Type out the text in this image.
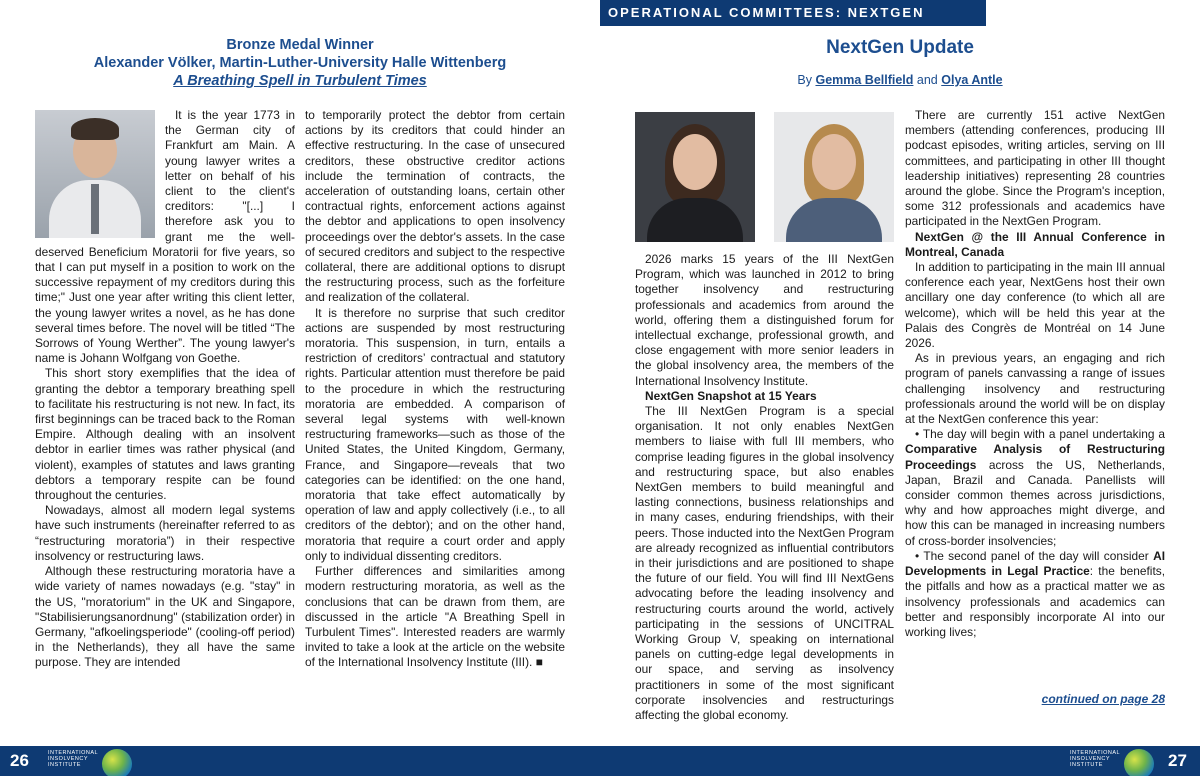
Bronze Medal Winner
Alexander Völker, Martin-Luther-University Halle Wittenberg
A Breathing Spell in Turbulent Times

It is the year 1773 in the German city of Frankfurt am Main. A young lawyer writes a letter on behalf of his client to the client's creditors: "[...] I therefore ask you to grant me the well-deserved Beneficium Moratorii for five years, so that I can put myself in a position to work on the successive repayment of my creditors during this time;" Just one year after writing this client letter, the young lawyer writes a novel, as he has done several times before. The novel will be titled “The Sorrows of Young Werther”. The young lawyer's name is Johann Wolfgang von Goethe.

This short story exemplifies that the idea of granting the debtor a temporary breathing spell to facilitate his restructuring is not new. In fact, its first beginnings can be traced back to the Roman Empire. Although dealing with an insolvent debtor in earlier times was rather physical (and violent), examples of statutes and laws granting debtors a temporary respite can be found throughout the centuries.

Nowadays, almost all modern legal systems have such instruments (hereinafter referred to as “restructuring moratoria”) in their respective insolvency or restructuring laws.

Although these restructuring moratoria have a wide variety of names nowadays (e.g. "stay" in the US, "moratorium" in the UK and Singapore, "Stabilisierungsanordnung" (stabilization order) in Germany, "afkoelingsperiode" (cooling-off period) in the Netherlands), they all have the same purpose. They are intended

to temporarily protect the debtor from certain actions by its creditors that could hinder an effective restructuring. In the case of unsecured creditors, these obstructive creditor actions include the termination of contracts, the acceleration of outstanding loans, certain other contractual rights, enforcement actions against the debtor and applications to open insolvency proceedings over the debtor's assets. In the case of secured creditors and subject to the respective collateral, there are additional options to disrupt the restructuring process, such as the forfeiture and realization of the collateral.

It is therefore no surprise that such creditor actions are suspended by most restructuring moratoria. This suspension, in turn, entails a restriction of creditors’ contractual and statutory rights. Particular attention must therefore be paid to the procedure in which the restructuring moratoria are embedded. A comparison of several legal systems with well-known restructuring frameworks—such as those of the United States, the United Kingdom, Germany, France, and Singapore—reveals that two categories can be identified: on the one hand, moratoria that take effect automatically by operation of law and apply collectively (i.e., to all creditors of the debtor); and on the other hand, moratoria that require a court order and apply only to individual dissenting creditors.

Further differences and similarities among modern restructuring moratoria, as well as the conclusions that can be drawn from them, are discussed in the article "A Breathing Spell in Turbulent Times". Interested readers are warmly invited to take a look at the article on the website of the International Insolvency Institute (III). ■

OPERATIONAL COMMITTEES: NEXTGEN
NextGen Update
By Gemma Bellfield and Olya Antle

2026 marks 15 years of the III NextGen Program, which was launched in 2012 to bring together insolvency and restructuring professionals and academics from around the world, offering them a distinguished forum for intellectual exchange, professional growth, and close engagement with more senior leaders in the global insolvency area, the members of the International Insolvency Institute.

NextGen Snapshot at 15 Years

The III NextGen Program is a special organisation. It not only enables NextGen members to liaise with full III members, who comprise leading figures in the global insolvency and restructuring space, but also enables NextGen members to build meaningful and lasting connections, business relationships and in many cases, enduring friendships, with their peers. Those inducted into the NextGen Program are already recognized as influential contributors in their jurisdictions and are positioned to shape the future of our field. You will find III NextGens advocating before the leading insolvency and restructuring courts around the world, actively participating in the sessions of UNCITRAL Working Group V, speaking on international panels on cutting-edge legal developments in our space, and serving as insolvency practitioners in some of the most significant corporate insolvencies and restructurings affecting the global economy.

There are currently 151 active NextGen members (attending conferences, producing III podcast episodes, writing articles, serving on III committees, and participating in other III thought leadership initiatives) representing 28 countries around the globe. Since the Program's inception, some 312 professionals and academics have participated in the NextGen Program.

NextGen @ the III Annual Conference in Montreal, Canada

In addition to participating in the main III annual conference each year, NextGens host their own ancillary one day conference (to which all are welcome), which will be held this year at the Palais des Congrès de Montréal on 14 June 2026.

As in previous years, an engaging and rich program of panels canvassing a range of issues challenging insolvency and restructuring professionals around the world will be on display at the NextGen conference this year:

• The day will begin with a panel undertaking a Comparative Analysis of Restructuring Proceedings across the US, Netherlands, Japan, Brazil and Canada. Panellists will consider common themes across jurisdictions, why and how approaches might diverge, and how this can be managed in increasing numbers of cross-border insolvencies;

• The second panel of the day will consider AI Developments in Legal Practice: the benefits, the pitfalls and how as a practical matter we as insolvency professionals and academics can better and responsibly incorporate AI into our working lives;

continued on page 28
26	INTERNATIONAL INSOLVENCY INSTITUTE
INTERNATIONAL INSOLVENCY INSTITUTE	27
